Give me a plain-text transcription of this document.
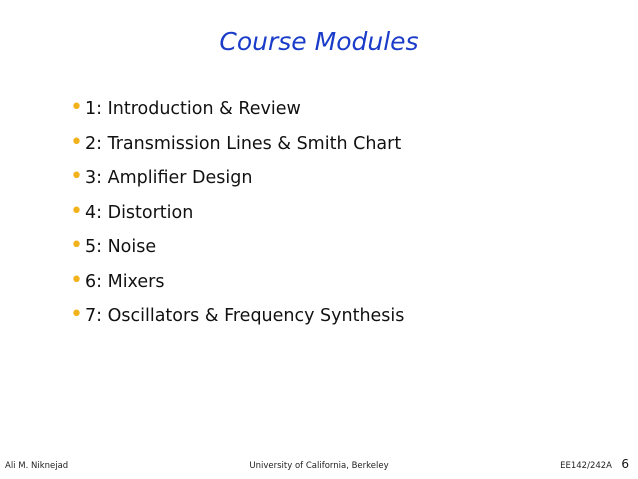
Course Modules
• 1: Introduction & Review
• 2: Transmission Lines & Smith Chart
• 3: Amplifier Design
• 4: Distortion
• 5: Noise
• 6: Mixers
• 7: Oscillators & Frequency Synthesis
Ali M. Niknejad	University of California, Berkeley	EE142/242A 6
